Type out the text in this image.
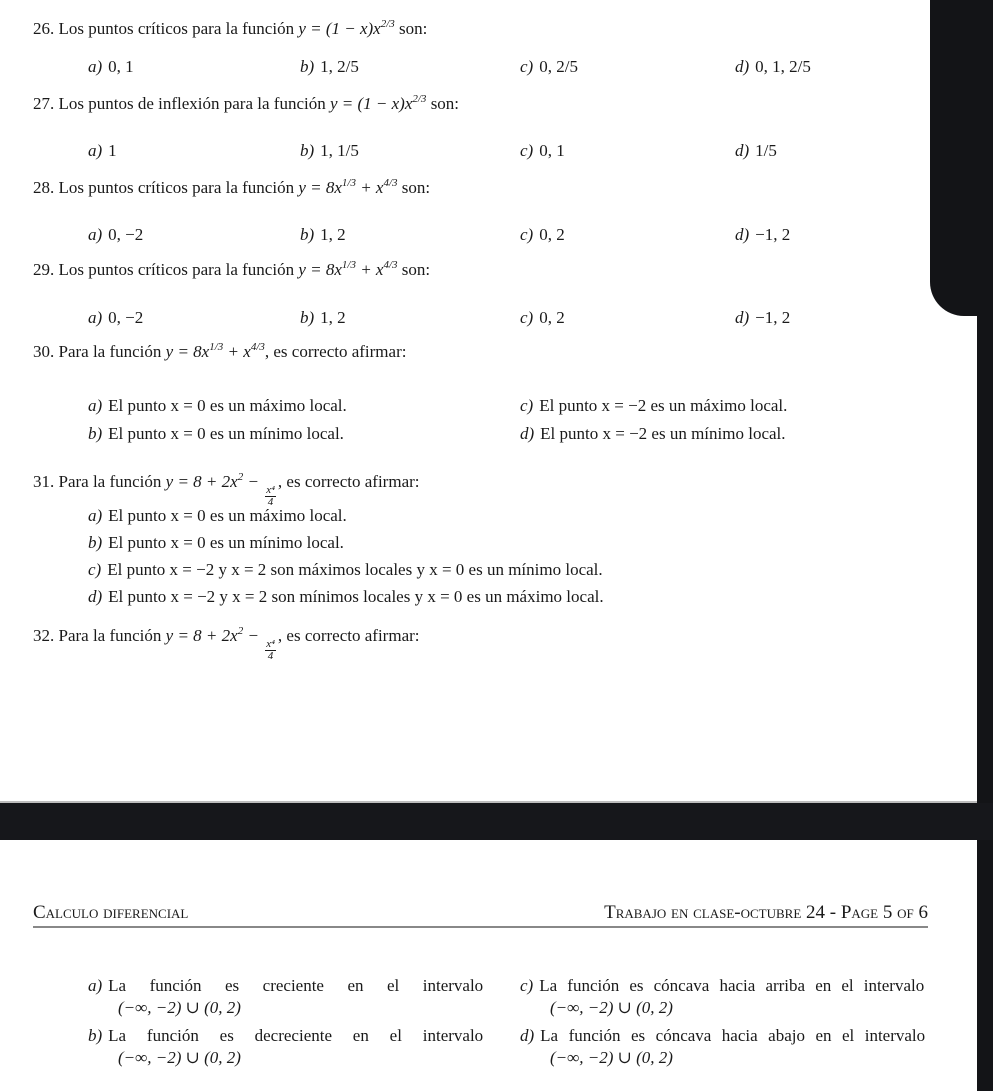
26. Los puntos críticos para la función $y = (1 - x)x^{2/3}$ son:
a) 0, 1	b) 1, 2/5	c) 0, 2/5	d) 0, 1, 2/5
27. Los puntos de inflexión para la función $y = (1 - x)x^{2/3}$ son:
a) 1	b) 1, 1/5	c) 0, 1	d) 1/5
28. Los puntos críticos para la función $y = 8x^{1/3} + x^{4/3}$ son:
a) 0, −2	b) 1, 2	c) 0, 2	d) −1, 2
29. Los puntos críticos para la función $y = 8x^{1/3} + x^{4/3}$ son:
a) 0, −2	b) 1, 2	c) 0, 2	d) −1, 2
30. Para la función $y = 8x^{1/3} + x^{4/3}$, es correcto afirmar:
a) El punto x = 0 es un máximo local.
b) El punto x = 0 es un mínimo local.
c) El punto x = −2 es un máximo local.
d) El punto x = −2 es un mínimo local.
31. Para la función $y = 8 + 2x^2$ −
$\frac{\text{x⁴}}{4}$
, es correcto afirmar:
a) El punto x = 0 es un máximo local.
b) El punto x = 0 es un mínimo local.
c) El punto x = −2 y x = 2 son máximos locales y x = 0 es un mínimo local.
d) El punto x = −2 y x = 2 son mínimos locales y x = 0 es un máximo local.
32. Para la función $y = 8 + 2x^2$ −
$\frac{\text{x⁴}}{4}$
, es correcto afirmar:
Calculo diferencial	Trabajo en clase-octubre 24 - Page 5 of 6
a) La función es creciente en el intervalo
(−∞, −2) ∪ (0, 2)
b) La función es decreciente en el intervalo
(−∞, −2) ∪ (0, 2)
c) La función es cóncava hacia arriba en el intervalo
(−∞, −2) ∪ (0, 2)
d) La función es cóncava hacia abajo en el intervalo
(−∞, −2) ∪ (0, 2)
